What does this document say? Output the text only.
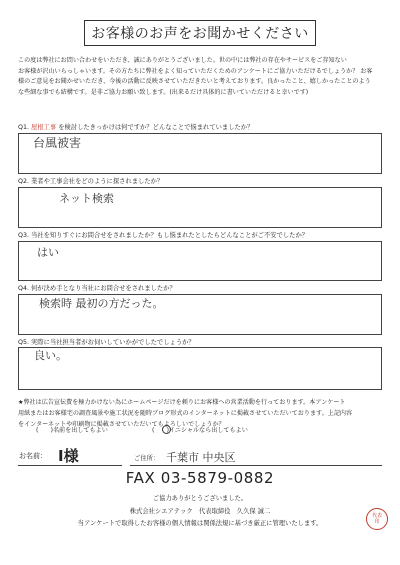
お客様のお声をお聞かせください
この度は弊社にお問い合わせをいただき、誠にありがとうございました。世の中には弊社の存在やサービスをご存知ない
お客様が沢山いらっしゃいます。その方たちに弊社をよく知っていただくためのアンケートにご協力いただけるでしょうか？ お客
様のご意見をお聞かせいただき、今後の活動に反映させていただきたいと考えております。良かったこと、嬉しかったことのよう
な些細な事でも結構です。是非ご協力お願い致します。(出来るだけ具体的に書いていただけると幸いです)
Q1. 屋根工事 を検討したきっかけは何ですか？どんなことで悩まれていましたか？
台風被害
Q2. 業者や工事会社をどのように探されましたか？
ネット検索
Q3. 当社を知りすぐにお問合せをされましたか？もし悩まれたとしたらどんなことがご不安でしたか？
はい
Q4. 何が決め手となり当社にお問合せをされましたか？
検索時 最初の方だった。
Q5. 実際に当社担当者がお伺いしていかがでしたでしょうか？
良い。
★弊社は広告宣伝費を極力かけない為にホームページだけを頼りにお客様への営業活動を行っております。本アンケート
用紙またはお客様宅の調査風景や施工状況を随時ブログ形式のインターネットに掲載させていただいております。上記内容
をインターネットや印刷物に掲載させていただいてもよろしいでしょうか？
(　　)名前を出してもよい	(　　)イニシャルなら出してもよい
お名前： I様	ご住所： 千葉市 中央区
FAX 03-5879-0882
ご協力ありがとうございました。
株式会社シエアテック　代表取締役　久久保 誠二
当アンケートで取得したお客様の個人情報は関係法規に基づき厳正に管理いたします。
代表
印
